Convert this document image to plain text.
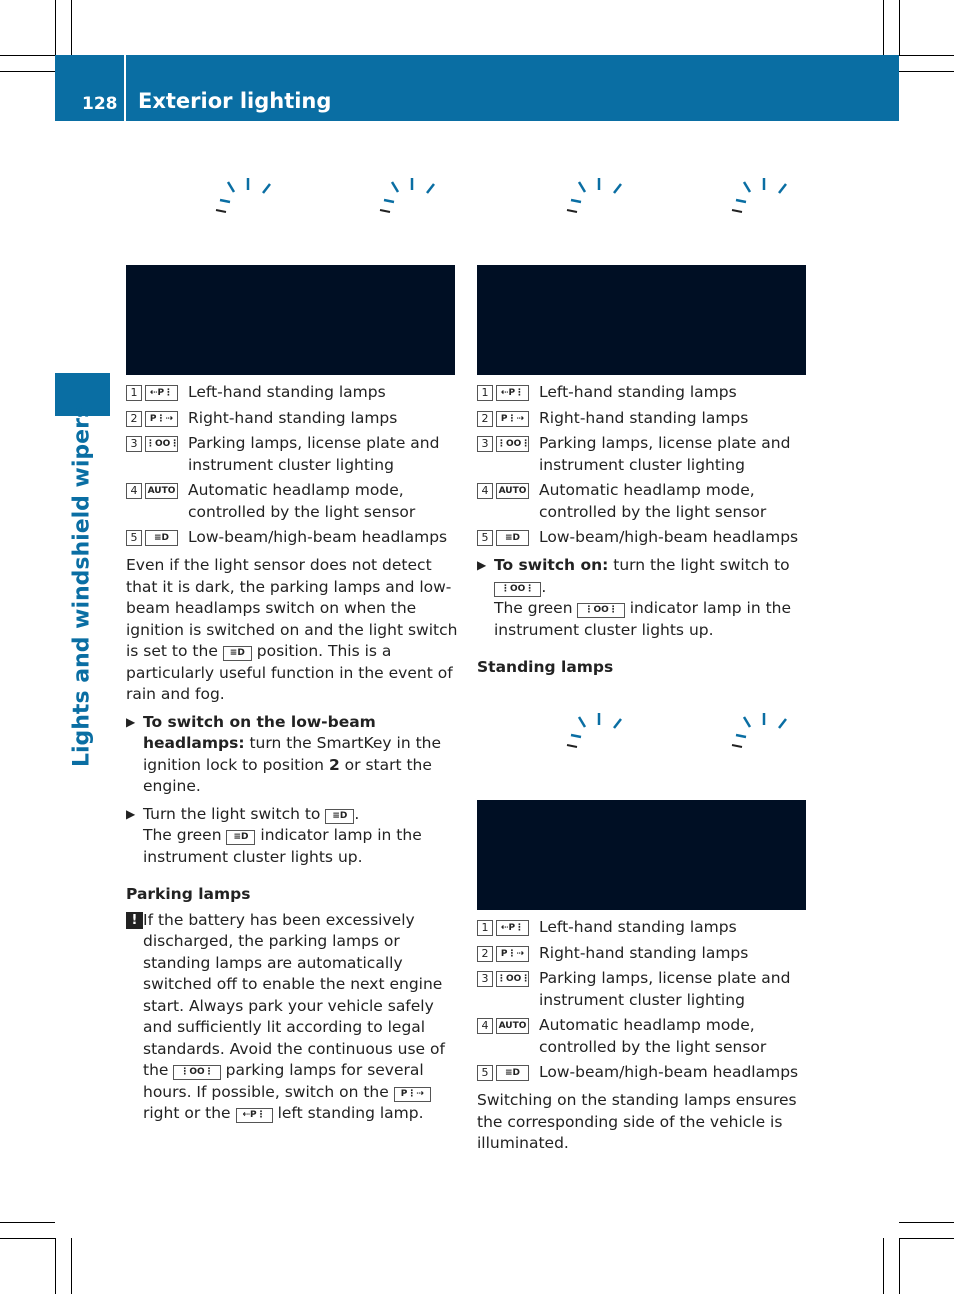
128 Exterior lighting
Lights and windshield wipers
1	⇠P⋮ Left-hand standing lamps
2	P⋮⇢ Right-hand standing lamps
3 ⋮OO⋮ Parking lamps, license plate and instrument cluster lighting
4	AUTO Automatic headlamp mode, controlled by the light sensor
5	≡D	Low-beam/high-beam headlamps
1	⇠P⋮ Left-hand standing lamps
2	P⋮⇢ Right-hand standing lamps
3 ⋮OO⋮ Parking lamps, license plate and instrument cluster lighting
4	AUTO Automatic headlamp mode, controlled by the light sensor
5	≡D	Low-beam/high-beam headlamps
1	⇠P⋮ Left-hand standing lamps
2	P⋮⇢ Right-hand standing lamps
3 ⋮OO⋮ Parking lamps, license plate and instrument cluster lighting
4	AUTO Automatic headlamp mode, controlled by the light sensor
5	≡D	Low-beam/high-beam headlamps

Even if the light sensor does not detect that it is dark, the parking lamps and low-beam headlamps switch on when the ignition is switched on and the light switch is set to the ≡D position. This is a particularly useful function in the event of rain and fog.

▶ To switch on the low-beam headlamps: turn the SmartKey in the ignition lock to position 2 or start the engine.
▶ Turn the light switch to ≡D .
The green ≡D indicator lamp in the instrument cluster lights up.

Parking lamps

! If the battery has been excessively discharged, the parking lamps or standing lamps are automatically switched off to enable the next engine start. Always park your vehicle safely and sufficiently lit according to legal standards. Avoid the continuous use of the ⋮OO⋮ parking lamps for several hours. If possible, switch on the P⋮⇢ right or the ⇠P⋮ left standing lamp.
▶ To switch on: turn the light switch to
⋮OO⋮ .
The green ⋮OO⋮ indicator lamp in the instrument cluster lights up.

Standing lamps

Switching on the standing lamps ensures the corresponding side of the vehicle is illuminated.
